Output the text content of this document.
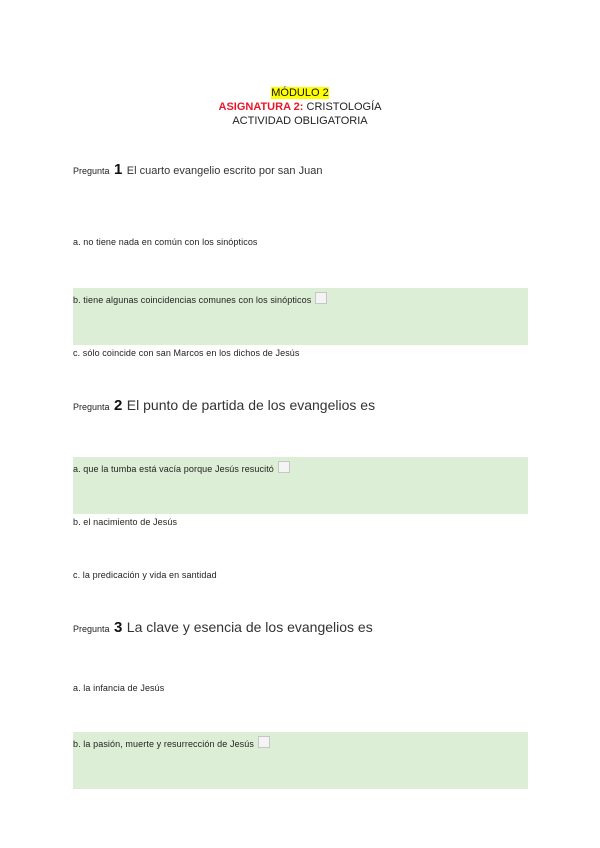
MÓDULO 2
ASIGNATURA 2: CRISTOLOGÍA
ACTIVIDAD OBLIGATORIA
Pregunta 1 El cuarto evangelio escrito por san Juan
a. no tiene nada en común con los sinópticos
b. tiene algunas coincidencias comunes con los sinópticos
c. sólo coincide con san Marcos en los dichos de Jesús
Pregunta 2 El punto de partida de los evangelios es
a. que la tumba está vacía porque Jesús resucitó
b. el nacimiento de Jesús
c. la predicación y vida en santidad
Pregunta 3 La clave y esencia de los evangelios es
a. la infancia de Jesús
b. la pasión, muerte y resurrección de Jesús
